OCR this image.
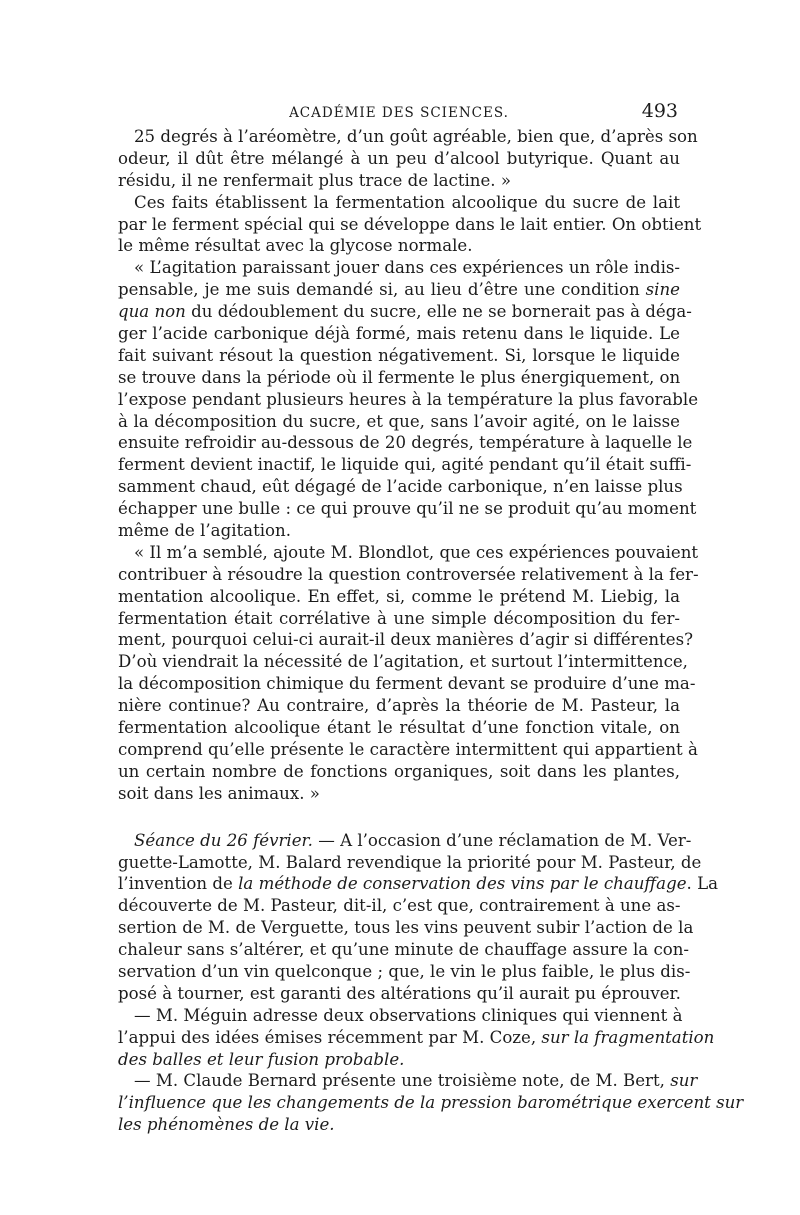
ACADÉMIE DES SCIENCES.	493
25 degrés à l’aréomètre, d’un goût agréable, bien que, d’après son
odeur, il dût être mélangé à un peu d’alcool butyrique. Quant au
résidu, il ne renfermait plus trace de lactine. »
Ces faits établissent la fermentation alcoolique du sucre de lait
par le ferment spécial qui se développe dans le lait entier. On obtient
le même résultat avec la glycose normale.
« L’agitation paraissant jouer dans ces expériences un rôle indis-
pensable, je me suis demandé si, au lieu d’être une condition sine
qua non du dédoublement du sucre, elle ne se bornerait pas à déga-
ger l’acide carbonique déjà formé, mais retenu dans le liquide. Le
fait suivant résout la question négativement. Si, lorsque le liquide
se trouve dans la période où il fermente le plus énergiquement, on
l’expose pendant plusieurs heures à la température la plus favorable
à la décomposition du sucre, et que, sans l’avoir agité, on le laisse
ensuite refroidir au-dessous de 20 degrés, température à laquelle le
ferment devient inactif, le liquide qui, agité pendant qu’il était suffi-
samment chaud, eût dégagé de l’acide carbonique, n’en laisse plus
échapper une bulle : ce qui prouve qu’il ne se produit qu’au moment
même de l’agitation.
« Il m’a semblé, ajoute M. Blondlot, que ces expériences pouvaient
contribuer à résoudre la question controversée relativement à la fer-
mentation alcoolique. En effet, si, comme le prétend M. Liebig, la
fermentation était corrélative à une simple décomposition du fer-
ment, pourquoi celui-ci aurait-il deux manières d’agir si différentes?
D’où viendrait la nécessité de l’agitation, et surtout l’intermittence,
la décomposition chimique du ferment devant se produire d’une ma-
nière continue? Au contraire, d’après la théorie de M. Pasteur, la
fermentation alcoolique étant le résultat d’une fonction vitale, on
comprend qu’elle présente le caractère intermittent qui appartient à
un certain nombre de fonctions organiques, soit dans les plantes,
soit dans les animaux. »
Séance du 26 février. — A l’occasion d’une réclamation de M. Ver-
guette-Lamotte, M. Balard revendique la priorité pour M. Pasteur, de
l’invention de la méthode de conservation des vins par le chauffage. La
découverte de M. Pasteur, dit-il, c’est que, contrairement à une as-
sertion de M. de Verguette, tous les vins peuvent subir l’action de la
chaleur sans s’altérer, et qu’une minute de chauffage assure la con-
servation d’un vin quelconque ; que, le vin le plus faible, le plus dis-
posé à tourner, est garanti des altérations qu’il aurait pu éprouver.
— M. Méguin adresse deux observations cliniques qui viennent à
l’appui des idées émises récemment par M. Coze, sur la fragmentation
des balles et leur fusion probable.
— M. Claude Bernard présente une troisième note, de M. Bert, sur
l’influence que les changements de la pression barométrique exercent sur
les phénomènes de la vie.
